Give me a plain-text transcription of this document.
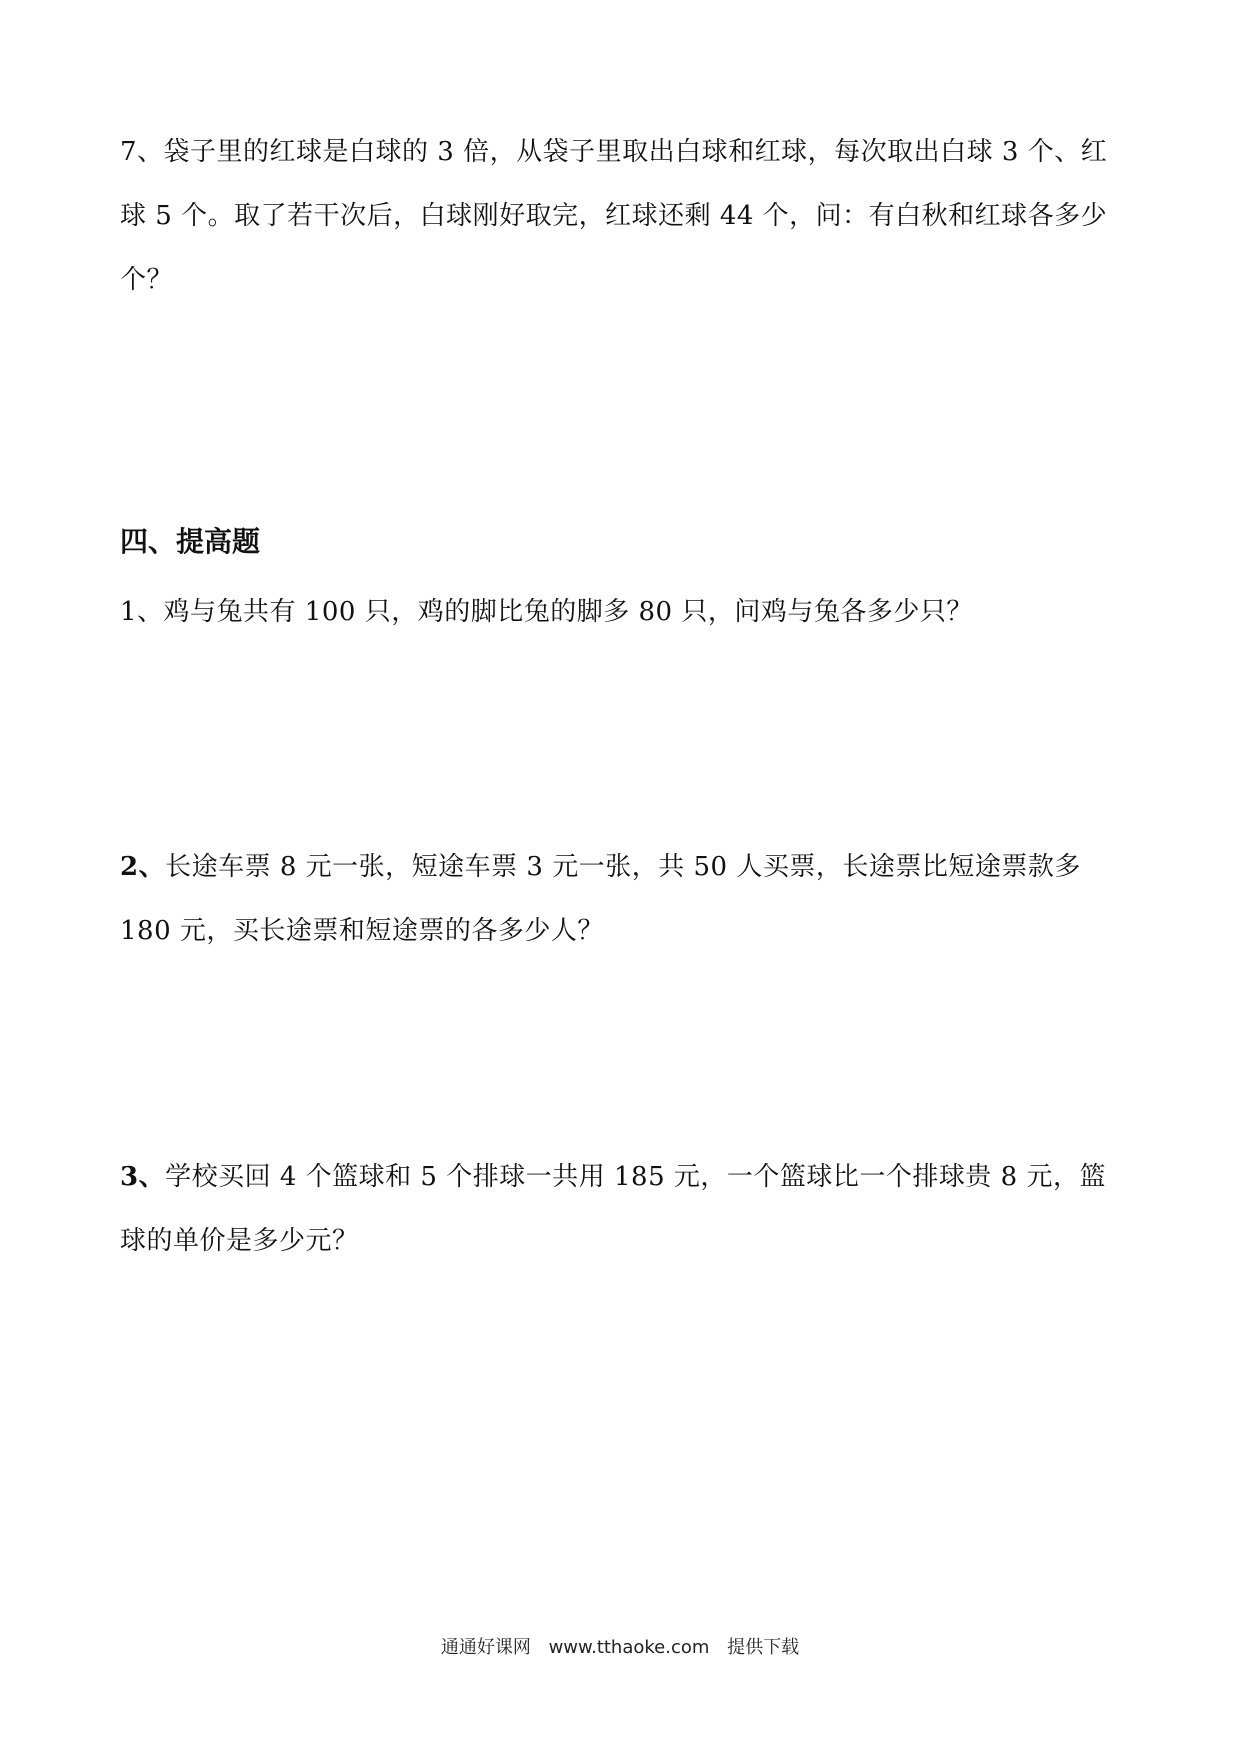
7、袋子里的红球是白球的 3 倍，从袋子里取出白球和红球，每次取出白球 3 个、红球 5 个。取了若干次后，白球刚好取完，红球还剩 44 个，问：有白秋和红球各多少个？

四、提高题

1、鸡与兔共有 100 只，鸡的脚比兔的脚多 80 只，问鸡与兔各多少只？

2、长途车票 8 元一张，短途车票 3 元一张，共 50 人买票，长途票比短途票款多 180 元，买长途票和短途票的各多少人？

3、学校买回 4 个篮球和 5 个排球一共用 185 元，一个篮球比一个排球贵 8 元，篮球的单价是多少元？

通通好课网 www.tthaoke.com 提供下载
